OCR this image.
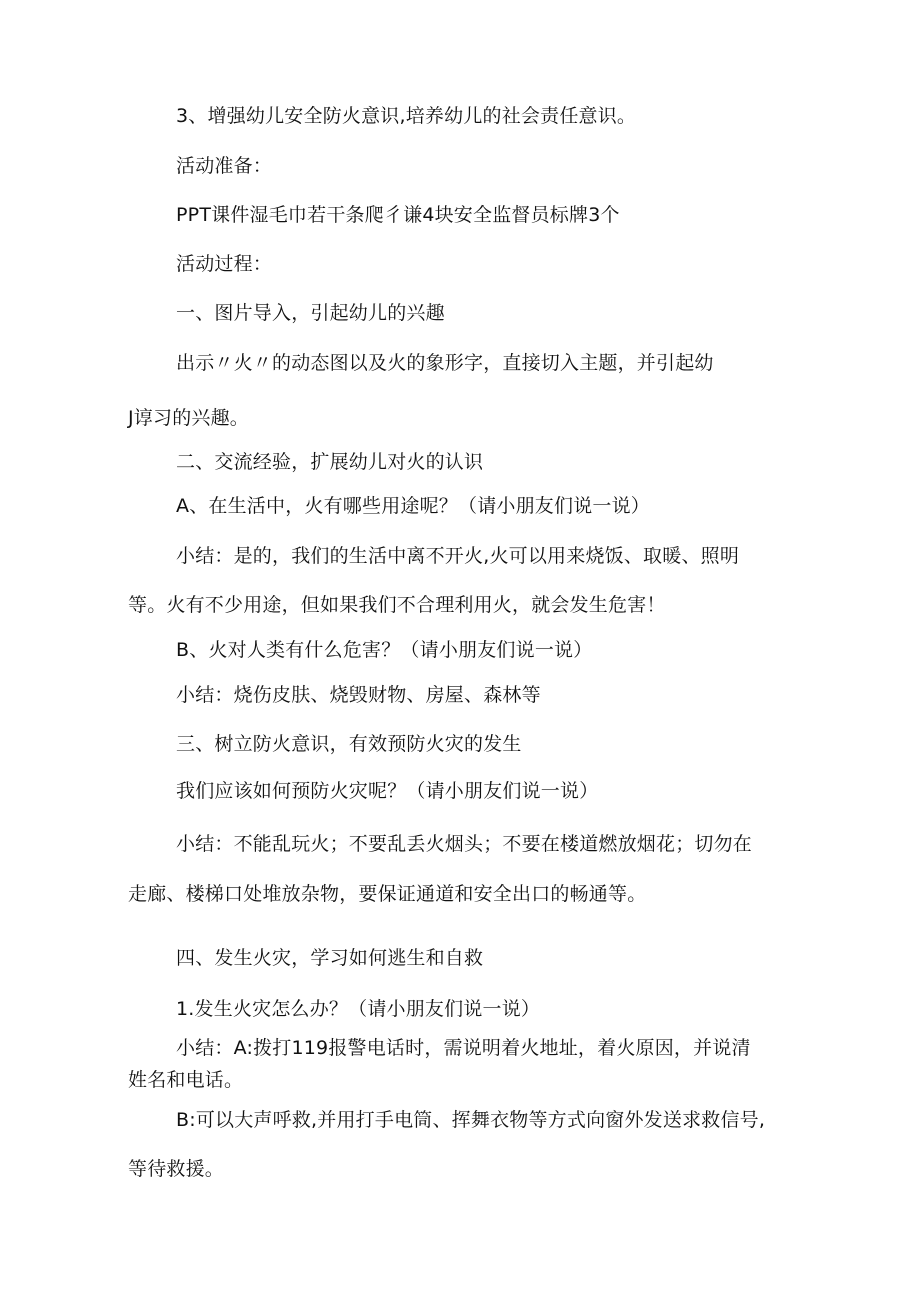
3、增强幼儿安全防火意识,培养幼儿的社会责任意识。
活动准备：
PPT课件湿毛巾若干条爬彳谦4块安全监督员标牌3个
活动过程：
一、图片导入，引起幼儿的兴趣
出示〃火〃的动态图以及火的象形字，直接切入主题，并引起幼
J谆习的兴趣。
二、交流经验，扩展幼儿对火的认识
A、在生活中，火有哪些用途呢？（请小朋友们说一说）
小结：是的，我们的生活中离不开火,火可以用来烧饭、取暖、照明
等。火有不少用途，但如果我们不合理利用火，就会发生危害！
B、火对人类有什么危害？（请小朋友们说一说）
小结：烧伤皮肤、烧毁财物、房屋、森林等
三、树立防火意识，有效预防火灾的发生
我们应该如何预防火灾呢？（请小朋友们说一说）
小结：不能乱玩火；不要乱丢火烟头；不要在楼道燃放烟花；切勿在
走廊、楼梯口处堆放杂物，要保证通道和安全出口的畅通等。
四、发生火灾，学习如何逃生和自救
1.发生火灾怎么办？（请小朋友们说一说）
小结：A:拨打119报警电话时，需说明着火地址，着火原因，并说清
姓名和电话。
B:可以大声呼救,并用打手电筒、挥舞衣物等方式向窗外发送求救信号,
等待救援。
